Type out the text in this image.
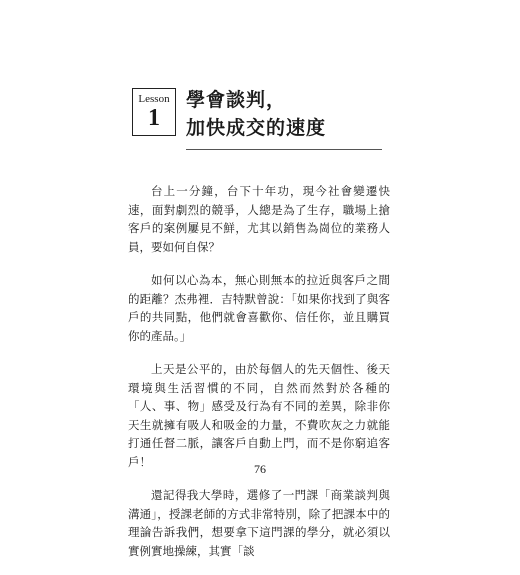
Lesson
1
學會談判，
加快成交的速度

台上一分鐘，台下十年功，現今社會變遷快速，面對劇烈的競爭，人總是為了生存，職場上搶客戶的案例屢見不鮮，尤其以銷售為崗位的業務人員，要如何自保？

如何以心為本，無心則無本的拉近與客戶之間的距離？杰弗裡．吉特默曾說：「如果你找到了與客戶的共同點，他們就會喜歡你、信任你，並且購買你的產品。」

上天是公平的，由於每個人的先天個性、後天環境與生活習慣的不同，自然而然對於各種的「人、事、物」感受及行為有不同的差異，除非你天生就擁有吸人和吸金的力量，不費吹灰之力就能打通任督二脈，讓客戶自動上門，而不是你窮追客戶！

還記得我大學時，選修了一門課「商業談判與溝通」，授課老師的方式非常特別，除了把課本中的理論告訴我們，想要拿下這門課的學分，就必須以實例實地操練，其實「談

76
